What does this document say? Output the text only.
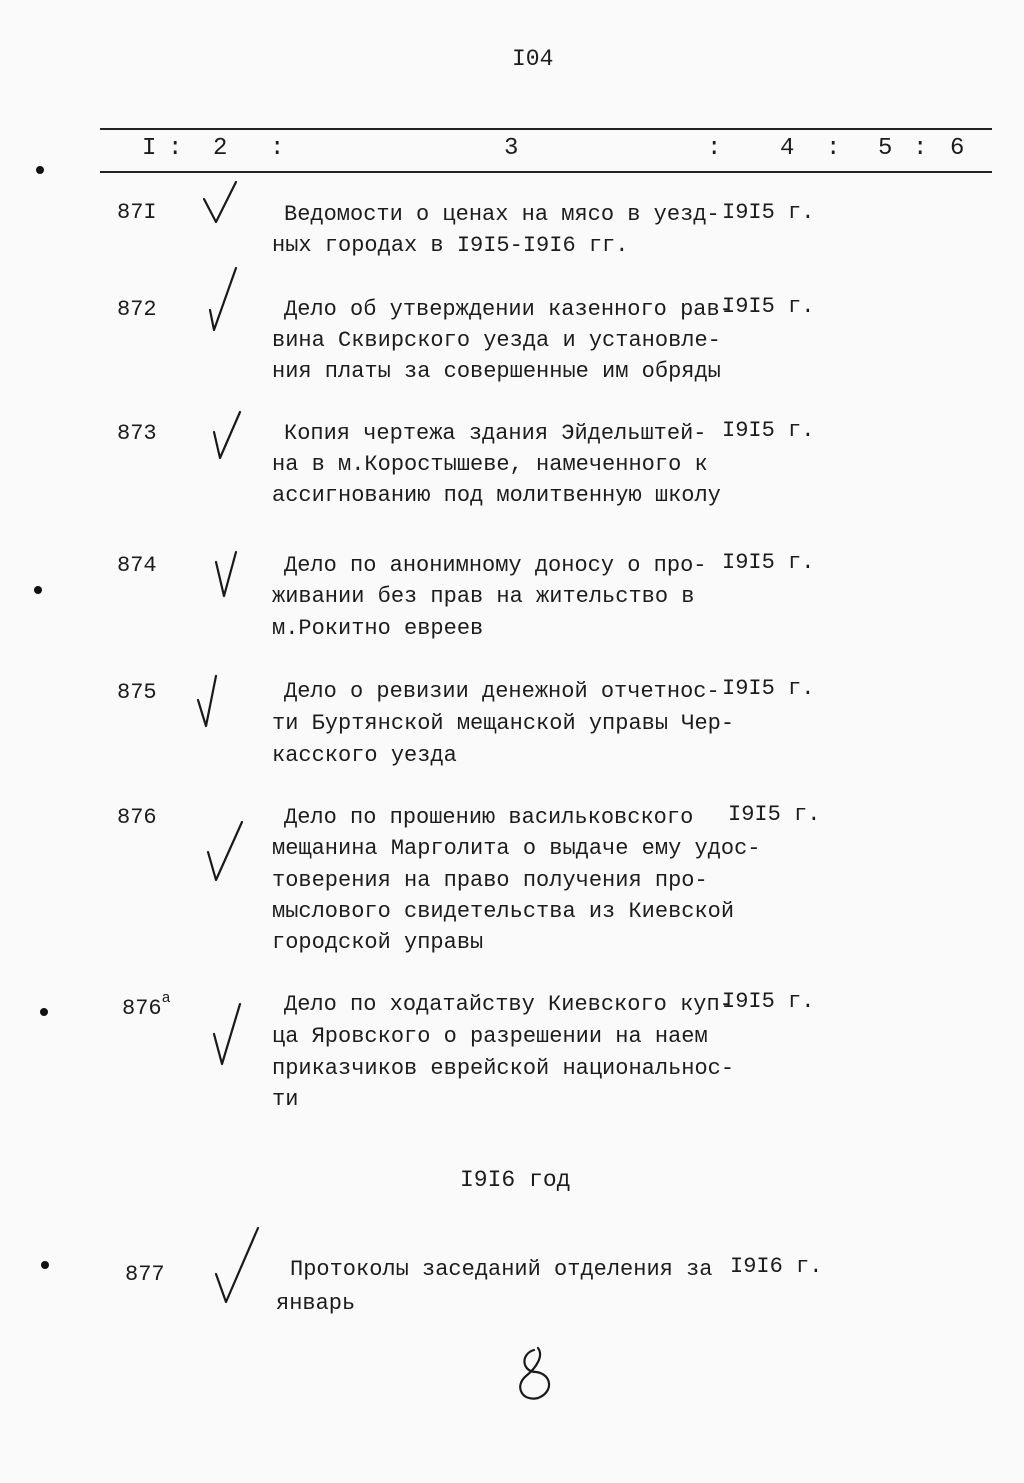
I04
I : 2 :	3	: 4 : 5 : 6
87I	Ведомости о ценах на мясо в уезд-
ных городах в I9I5-I9I6 гг.
I9I5 г.
872	Дело об утверждении казенного рав-
вина Сквирского уезда и установле-
ния платы за совершенные им обряды
I9I5 г.
873	Копия чертежа здания Эйдельштей-
на в м.Коростышеве, намеченного к
ассигнованию под молитвенную школу
I9I5 г.
874	Дело по анонимному доносу о про-
живании без прав на жительство в
м.Рокитно евреев
I9I5 г.
875	Дело о ревизии денежной отчетнос-
ти Буртянской мещанской управы Чер-
касского уезда
I9I5 г.
876	Дело по прошению васильковского
мещанина Марголита о выдаче ему удос-
товерения на право получения про-
мыслового свидетельства из Киевской
городской управы
I9I5 г.
$876^а$	Дело по ходатайству Киевского куп-
ца Яровского о разрешении на наем
приказчиков еврейской национальнос-
ти
I9I5 г.
I9I6 год
877	Протоколы заседаний отделения за
январь
I9I6 г.
